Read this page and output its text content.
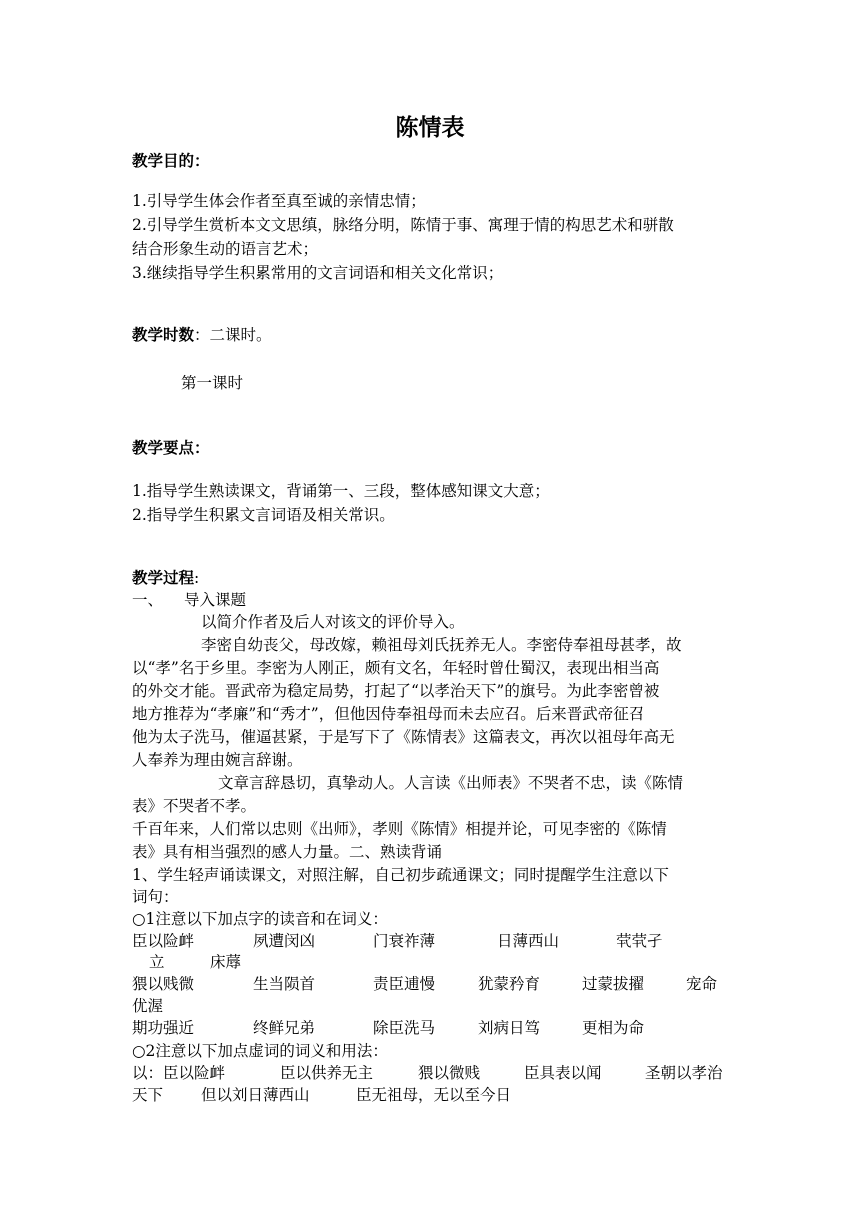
陈情表
教学目的：
1.引导学生体会作者至真至诚的亲情忠情；
2.引导学生赏析本文文思缜，脉络分明，陈情于事、寓理于情的构思艺术和骈散
结合形象生动的语言艺术；
3.继续指导学生积累常用的文言词语和相关文化常识；
教学时数：二课时。
第一课时
教学要点：
1.指导学生熟读课文，背诵第一、三段，整体感知课文大意；
2.指导学生积累文言词语及相关常识。
教学过程:
一、 导入课题
以简介作者及后人对该文的评价导入。
李密自幼丧父，母改嫁，赖祖母刘氏抚养无人。李密侍奉祖母甚孝，故
以“孝”名于乡里。李密为人刚正，颇有文名，年轻时曾仕蜀汉，表现出相当高
的外交才能。晋武帝为稳定局势，打起了“以孝治天下”的旗号。为此李密曾被
地方推荐为“孝廉”和“秀才”，但他因侍奉祖母而未去应召。后来晋武帝征召
他为太子洗马，催逼甚紧，于是写下了《陈情表》这篇表文，再次以祖母年高无
人奉养为理由婉言辞谢。
文章言辞恳切，真挚动人。人言读《出师表》不哭者不忠，读《陈情
表》不哭者不孝。
千百年来，人们常以忠则《出师》，孝则《陈情》相提并论，可见李密的《陈情
表》具有相当强烈的感人力量。二、熟读背诵
1、学生轻声诵读课文，对照注解，自己初步疏通课文；同时提醒学生注意以下
词句：
○1注意以下加点字的读音和在词义：
臣以险衅	夙遭闵凶	门衰祚薄	日薄西山	茕茕孑
立	床蓐
猥以贱微	生当陨首	责臣逋慢	犹蒙矜育	过蒙拔擢	宠命
优渥
期功强近	终鲜兄弟	除臣洗马	刘病日笃	更相为命
○2注意以下加点虚词的词义和用法：
以：臣以险衅	臣以供养无主	猥以微贱	臣具表以闻	圣朝以孝治
天下 但以刘日薄西山	臣无祖母，无以至今日
